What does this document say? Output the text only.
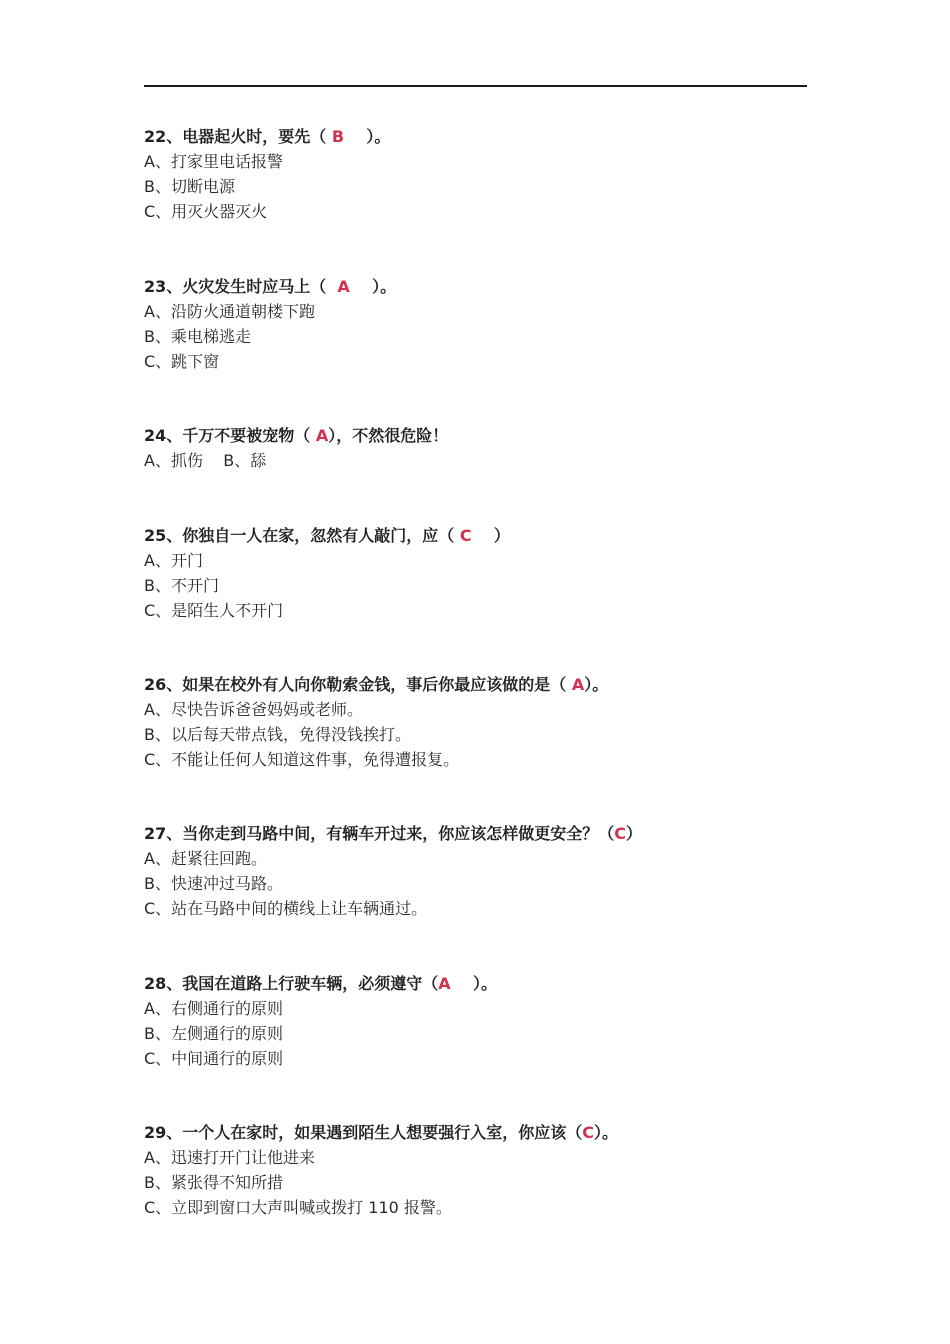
22、电器起火时，要先（ B    ）。
A、打家里电话报警
B、切断电源
C、用灭火器灭火
23、火灾发生时应马上（  A    ）。
A、沿防火通道朝楼下跑
B、乘电梯逃走
C、跳下窗
24、千万不要被宠物（ A），不然很危险！
A、抓伤    B、舔
25、你独自一人在家，忽然有人敲门，应（ C    ）
A、开门
B、不开门
C、是陌生人不开门
26、如果在校外有人向你勒索金钱，事后你最应该做的是（ A）。
A、尽快告诉爸爸妈妈或老师。
B、以后每天带点钱，免得没钱挨打。
C、不能让任何人知道这件事，免得遭报复。
27、当你走到马路中间，有辆车开过来，你应该怎样做更安全？（C）
A、赶紧往回跑。
B、快速冲过马路。
C、站在马路中间的横线上让车辆通过。
28、我国在道路上行驶车辆，必须遵守（A    ）。
A、右侧通行的原则
B、左侧通行的原则
C、中间通行的原则
29、一个人在家时，如果遇到陌生人想要强行入室，你应该（C）。
A、迅速打开门让他进来
B、紧张得不知所措
C、立即到窗口大声叫喊或拨打 110 报警。
